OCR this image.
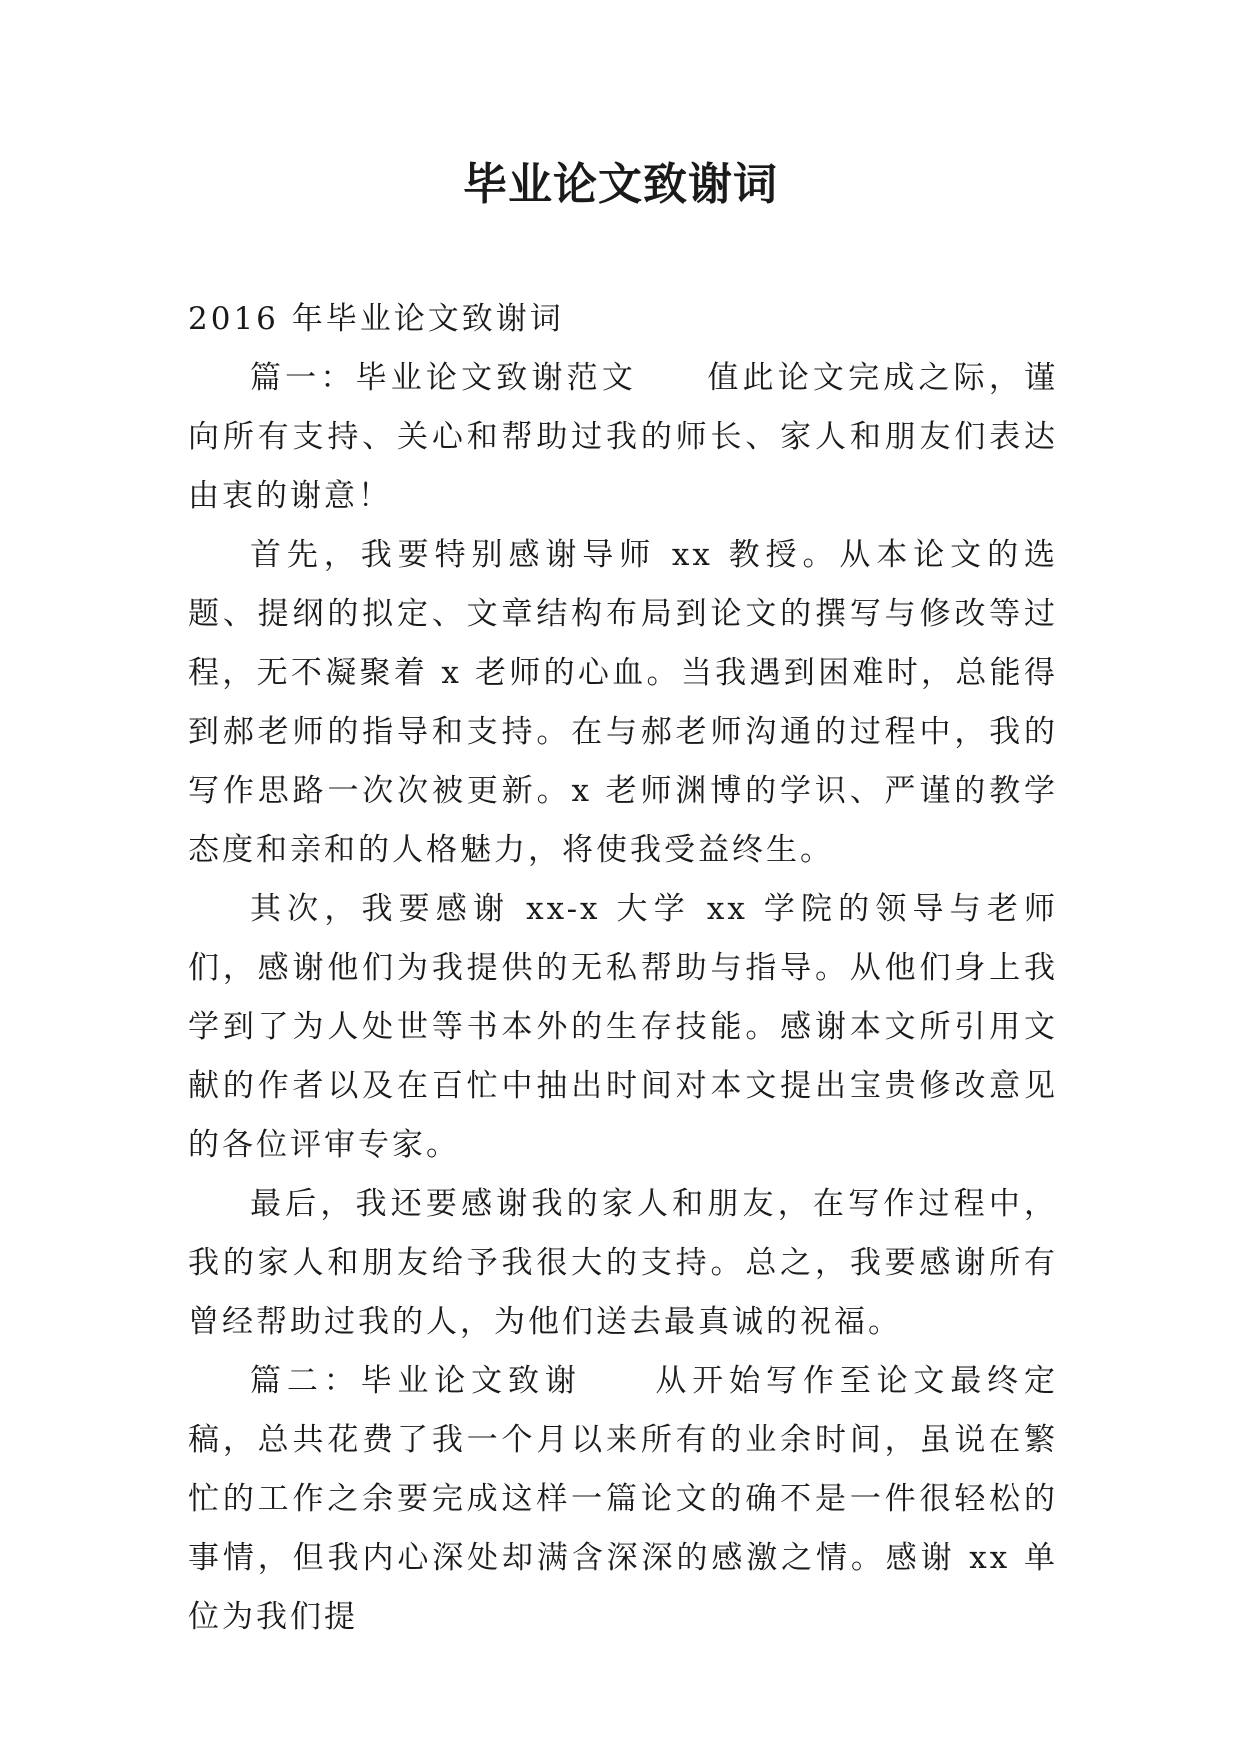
毕业论文致谢词

2016 年毕业论文致谢词

篇一：毕业论文致谢范文　　值此论文完成之际，谨向所有支持、关心和帮助过我的师长、家人和朋友们表达由衷的谢意！

首先，我要特别感谢导师 xx 教授。从本论文的选题、提纲的拟定、文章结构布局到论文的撰写与修改等过程，无不凝聚着 x 老师的心血。当我遇到困难时，总能得到郝老师的指导和支持。在与郝老师沟通的过程中，我的写作思路一次次被更新。x 老师渊博的学识、严谨的教学态度和亲和的人格魅力，将使我受益终生。

其次，我要感谢 xx-x 大学 xx 学院的领导与老师们，感谢他们为我提供的无私帮助与指导。从他们身上我学到了为人处世等书本外的生存技能。感谢本文所引用文献的作者以及在百忙中抽出时间对本文提出宝贵修改意见的各位评审专家。

最后，我还要感谢我的家人和朋友，在写作过程中，我的家人和朋友给予我很大的支持。总之，我要感谢所有曾经帮助过我的人，为他们送去最真诚的祝福。

篇二：毕业论文致谢　　从开始写作至论文最终定稿，总共花费了我一个月以来所有的业余时间，虽说在繁忙的工作之余要完成这样一篇论文的确不是一件很轻松的事情，但我内心深处却满含深深的感激之情。感谢 xx 单位为我们提
